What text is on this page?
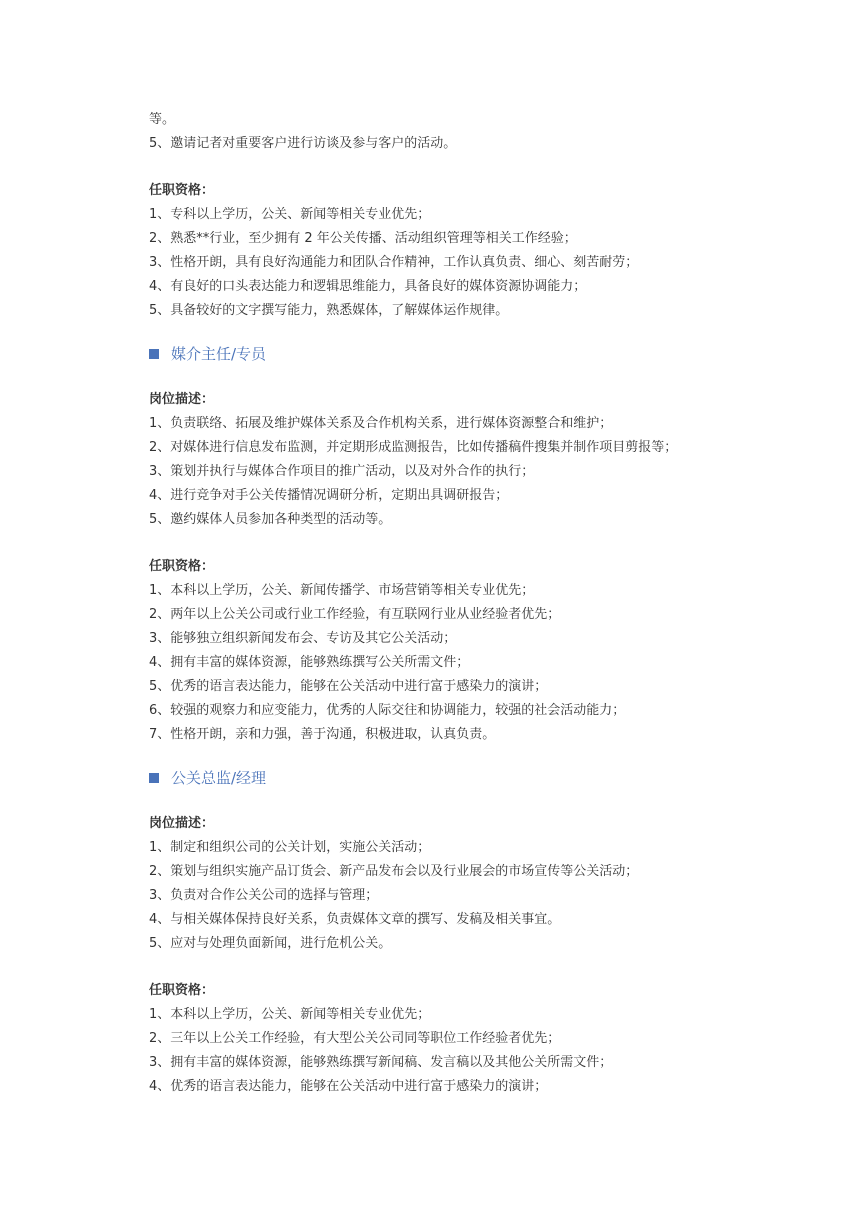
等。
5、邀请记者对重要客户进行访谈及参与客户的活动。
任职资格：
1、专科以上学历，公关、新闻等相关专业优先；
2、熟悉**行业，至少拥有 2 年公关传播、活动组织管理等相关工作经验；
3、性格开朗，具有良好沟通能力和团队合作精神，工作认真负责、细心、刻苦耐劳；
4、有良好的口头表达能力和逻辑思维能力，具备良好的媒体资源协调能力；
5、具备较好的文字撰写能力，熟悉媒体，了解媒体运作规律。
媒介主任/专员
岗位描述：
1、负责联络、拓展及维护媒体关系及合作机构关系，进行媒体资源整合和维护；
2、对媒体进行信息发布监测，并定期形成监测报告，比如传播稿件搜集并制作项目剪报等；
3、策划并执行与媒体合作项目的推广活动，以及对外合作的执行；
4、进行竞争对手公关传播情况调研分析，定期出具调研报告；
5、邀约媒体人员参加各种类型的活动等。
任职资格：
1、本科以上学历，公关、新闻传播学、市场营销等相关专业优先；
2、两年以上公关公司或行业工作经验，有互联网行业从业经验者优先；
3、能够独立组织新闻发布会、专访及其它公关活动；
4、拥有丰富的媒体资源，能够熟练撰写公关所需文件；
5、优秀的语言表达能力，能够在公关活动中进行富于感染力的演讲；
6、较强的观察力和应变能力，优秀的人际交往和协调能力，较强的社会活动能力；
7、性格开朗，亲和力强，善于沟通，积极进取，认真负责。
公关总监/经理
岗位描述：
1、制定和组织公司的公关计划，实施公关活动；
2、策划与组织实施产品订货会、新产品发布会以及行业展会的市场宣传等公关活动；
3、负责对合作公关公司的选择与管理；
4、与相关媒体保持良好关系，负责媒体文章的撰写、发稿及相关事宜。
5、应对与处理负面新闻，进行危机公关。
任职资格：
1、本科以上学历，公关、新闻等相关专业优先；
2、三年以上公关工作经验，有大型公关公司同等职位工作经验者优先；
3、拥有丰富的媒体资源，能够熟练撰写新闻稿、发言稿以及其他公关所需文件；
4、优秀的语言表达能力，能够在公关活动中进行富于感染力的演讲；
